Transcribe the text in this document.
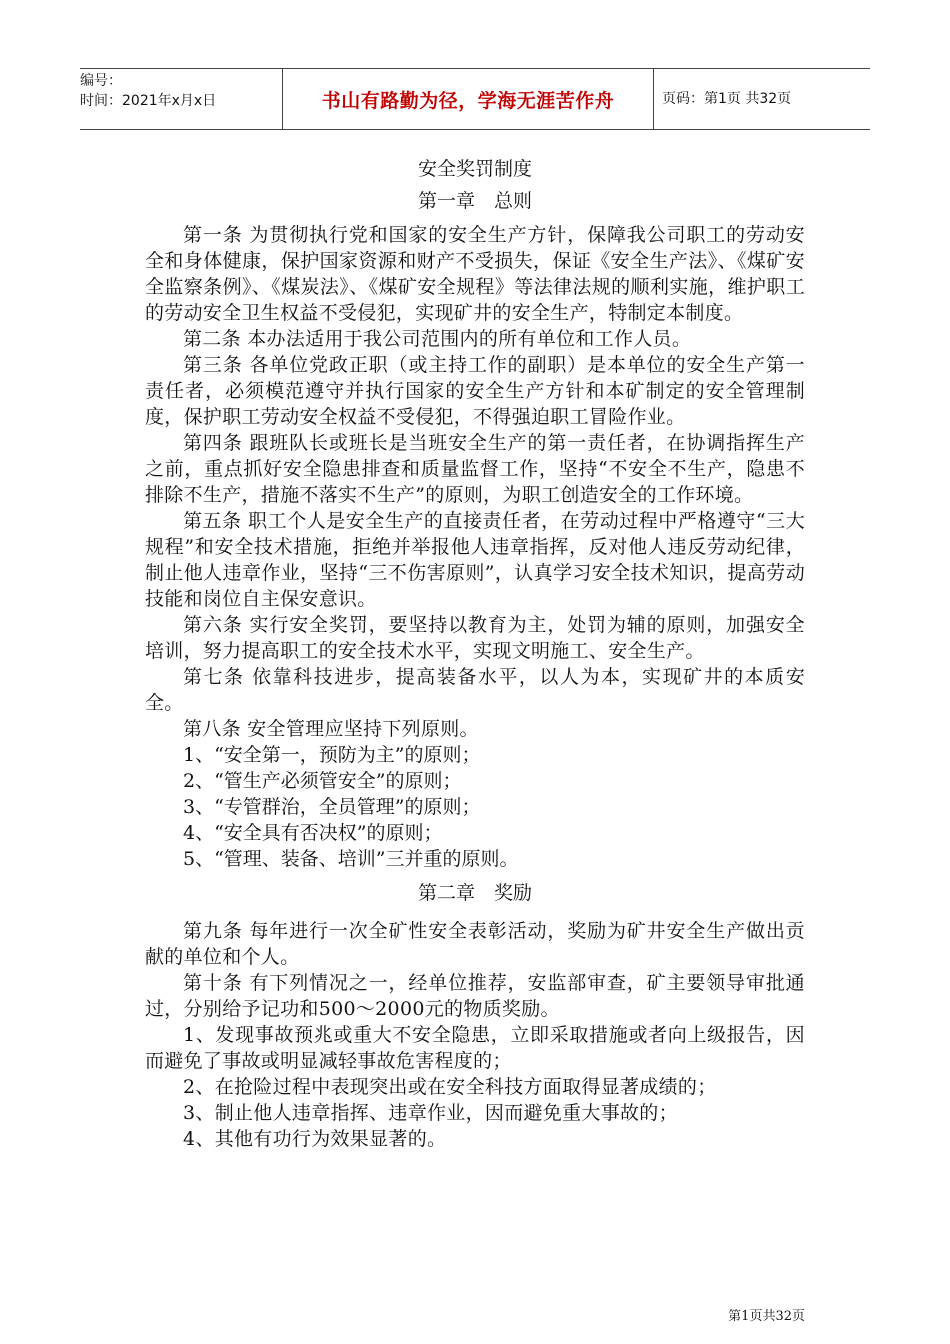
编号：
时间：2021年x月x日	书山有路勤为径，学海无涯苦作舟	页码：第1页 共32页
安全奖罚制度
第一章　总则
第一条 为贯彻执行党和国家的安全生产方针，保障我公司职工的劳动安全和身体健康，保护国家资源和财产不受损失，保证《安全生产法》、《煤矿安全监察条例》、《煤炭法》、《煤矿安全规程》等法律法规的顺利实施，维护职工的劳动安全卫生权益不受侵犯，实现矿井的安全生产，特制定本制度。
第二条 本办法适用于我公司范围内的所有单位和工作人员。
第三条 各单位党政正职（或主持工作的副职）是本单位的安全生产第一责任者，必须模范遵守并执行国家的安全生产方针和本矿制定的安全管理制度，保护职工劳动安全权益不受侵犯，不得强迫职工冒险作业。
第四条 跟班队长或班长是当班安全生产的第一责任者，在协调指挥生产之前，重点抓好安全隐患排查和质量监督工作，坚持“不安全不生产，隐患不排除不生产，措施不落实不生产”的原则，为职工创造安全的工作环境。
第五条 职工个人是安全生产的直接责任者，在劳动过程中严格遵守“三大规程”和安全技术措施，拒绝并举报他人违章指挥，反对他人违反劳动纪律，制止他人违章作业，坚持“三不伤害原则”，认真学习安全技术知识，提高劳动技能和岗位自主保安意识。
第六条 实行安全奖罚，要坚持以教育为主，处罚为辅的原则，加强安全培训，努力提高职工的安全技术水平，实现文明施工、安全生产。
第七条 依靠科技进步，提高装备水平，以人为本，实现矿井的本质安全。
第八条 安全管理应坚持下列原则。
1、“安全第一，预防为主”的原则；
2、“管生产必须管安全”的原则；
3、“专管群治，全员管理”的原则；
4、“安全具有否决权”的原则；
5、“管理、装备、培训”三并重的原则。
第二章　奖励
第九条 每年进行一次全矿性安全表彰活动，奖励为矿井安全生产做出贡献的单位和个人。
第十条 有下列情况之一，经单位推荐，安监部审查，矿主要领导审批通过，分别给予记功和500～2000元的物质奖励。
1、发现事故预兆或重大不安全隐患，立即采取措施或者向上级报告，因而避免了事故或明显减轻事故危害程度的；
2、在抢险过程中表现突出或在安全科技方面取得显著成绩的；
3、制止他人违章指挥、违章作业，因而避免重大事故的；
4、其他有功行为效果显著的。
第1页共32页
